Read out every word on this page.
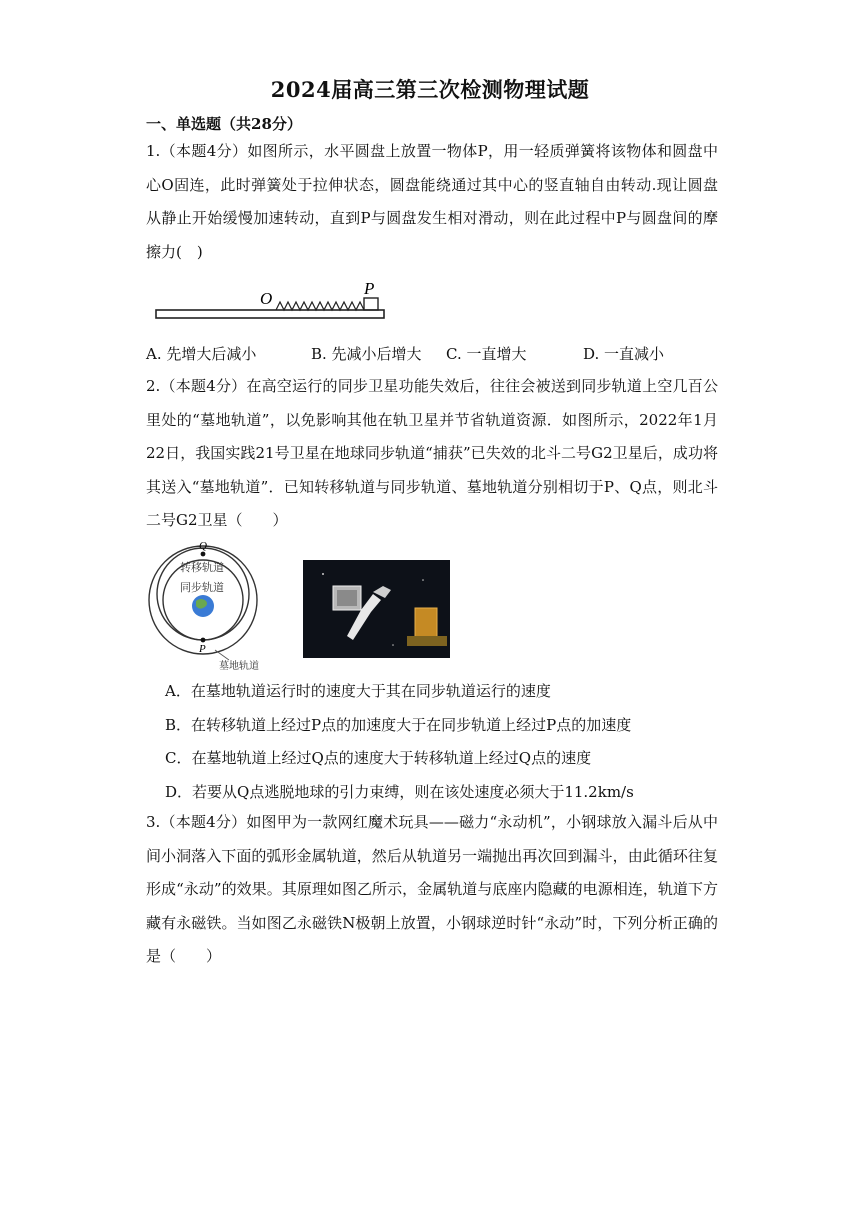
2024届高三第三次检测物理试题
一、单选题（共28分）
1.（本题4分）如图所示，水平圆盘上放置一物体P，用一轻质弹簧将该物体和圆盘中心O固连，此时弹簧处于拉伸状态，圆盘能绕通过其中心的竖直轴自由转动.现让圆盘从静止开始缓慢加速转动，直到P与圆盘发生相对滑动，则在此过程中P与圆盘间的摩擦力(　)
O
P
A. 先增大后减小	B. 先减小后增大 C. 一直增大	D. 一直减小
2.（本题4分）在高空运行的同步卫星功能失效后，往往会被送到同步轨道上空几百公里处的“墓地轨道”，以免影响其他在轨卫星并节省轨道资源．如图所示，2022年1月22日，我国实践21号卫星在地球同步轨道“捕获”已失效的北斗二号G2卫星后，成功将其送入“墓地轨道”．已知转移轨道与同步轨道、墓地轨道分别相切于P、Q点，则北斗二号G2卫星（　　）
Q
P
转移轨道
同步轨道
墓地轨道
A．在墓地轨道运行时的速度大于其在同步轨道运行的速度
B．在转移轨道上经过P点的加速度大于在同步轨道上经过P点的加速度
C．在墓地轨道上经过Q点的速度大于转移轨道上经过Q点的速度
D．若要从Q点逃脱地球的引力束缚，则在该处速度必须大于11.2km/s
3.（本题4分）如图甲为一款网红魔术玩具——磁力“永动机”，小钢球放入漏斗后从中间小洞落入下面的弧形金属轨道，然后从轨道另一端抛出再次回到漏斗，由此循环往复形成“永动”的效果。其原理如图乙所示，金属轨道与底座内隐藏的电源相连，轨道下方藏有永磁铁。当如图乙永磁铁N极朝上放置，小钢球逆时针“永动”时，下列分析正确的是（　　）
